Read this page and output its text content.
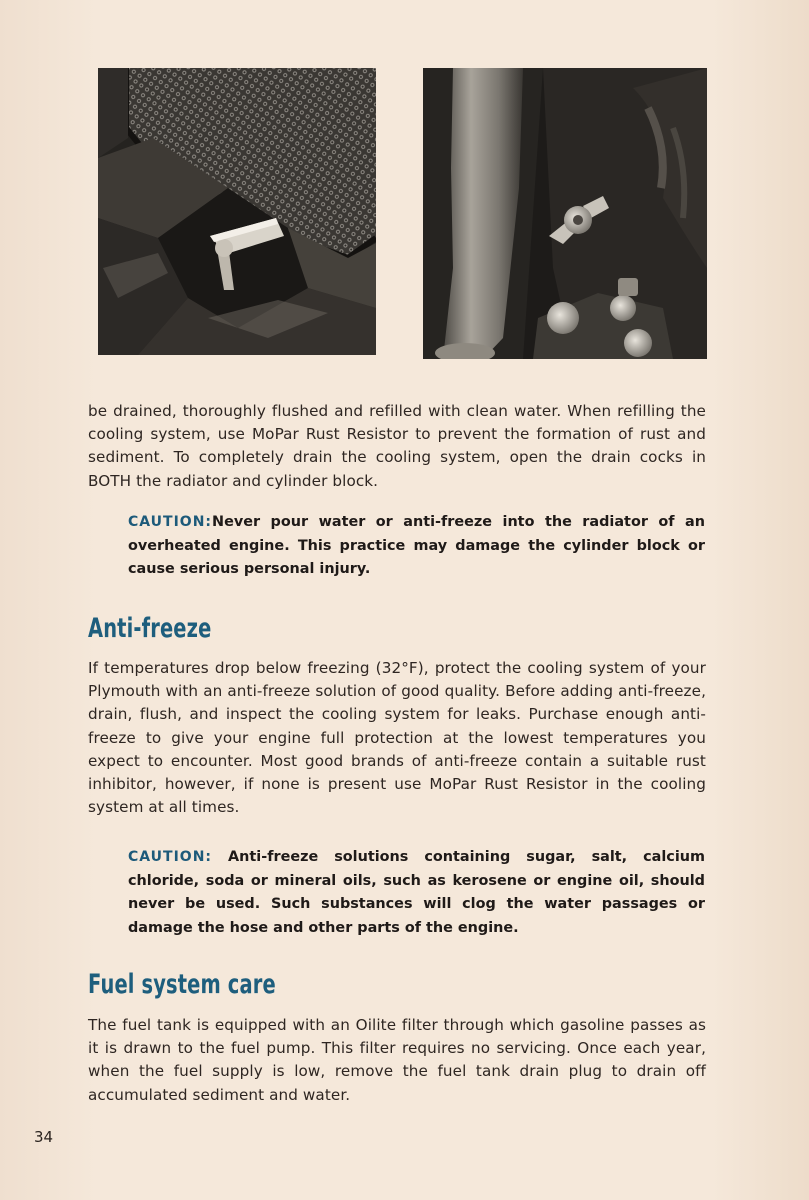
be drained, thoroughly flushed and refilled with clean water. When refilling the cooling system, use MoPar Rust Resistor to prevent the formation of rust and sediment. To completely drain the cooling system, open the drain cocks in BOTH the radiator and cylinder block.

CAUTION:Never pour water or anti-freeze into the radiator of an overheated engine. This practice may damage the cylinder block or cause serious personal injury.

Anti-freeze

If temperatures drop below freezing (32°F), protect the cooling system of your Plymouth with an anti-freeze solution of good quality. Before adding anti-freeze, drain, flush, and inspect the cooling system for leaks. Purchase enough anti-freeze to give your engine full protection at the lowest temperatures you expect to encounter. Most good brands of anti-freeze contain a suitable rust inhibitor, however, if none is present use MoPar Rust Resistor in the cooling system at all times.

CAUTION: Anti-freeze solutions containing sugar, salt, calcium chloride, soda or mineral oils, such as kerosene or engine oil, should never be used. Such substances will clog the water passages or damage the hose and other parts of the engine.

Fuel system care

The fuel tank is equipped with an Oilite filter through which gasoline passes as it is drawn to the fuel pump. This filter requires no servicing. Once each year, when the fuel supply is low, remove the fuel tank drain plug to drain off accumulated sediment and water.

34
